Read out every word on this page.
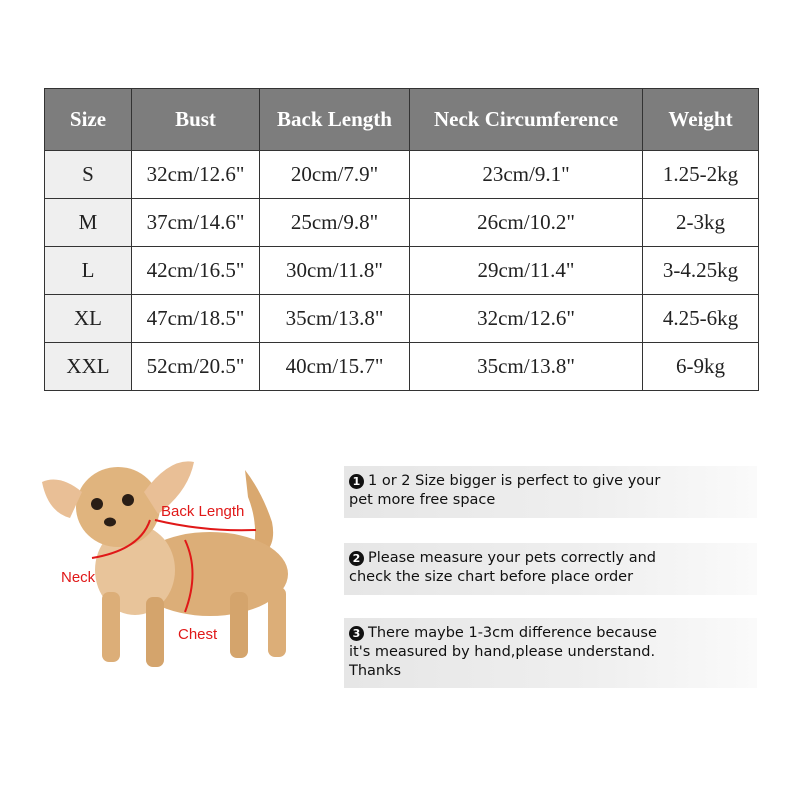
Size	Bust	Back Length	Neck Circumference	Weight
S	32cm/12.6"	20cm/7.9"	23cm/9.1"	1.25-2kg
M	37cm/14.6"	25cm/9.8"	26cm/10.2"	2-3kg
L	42cm/16.5"	30cm/11.8"	29cm/11.4"	3-4.25kg
XL	47cm/18.5"	35cm/13.8"	32cm/12.6"	4.25-6kg
XXL	52cm/20.5"	40cm/15.7"	35cm/13.8"	6-9kg
Back Length
Neck
Chest
1 1 or 2 Size bigger is perfect to give your
pet more free space
2 Please measure your pets correctly and
check the size chart before place order
3 There maybe 1-3cm difference because
it's measured by hand,please understand.
Thanks
